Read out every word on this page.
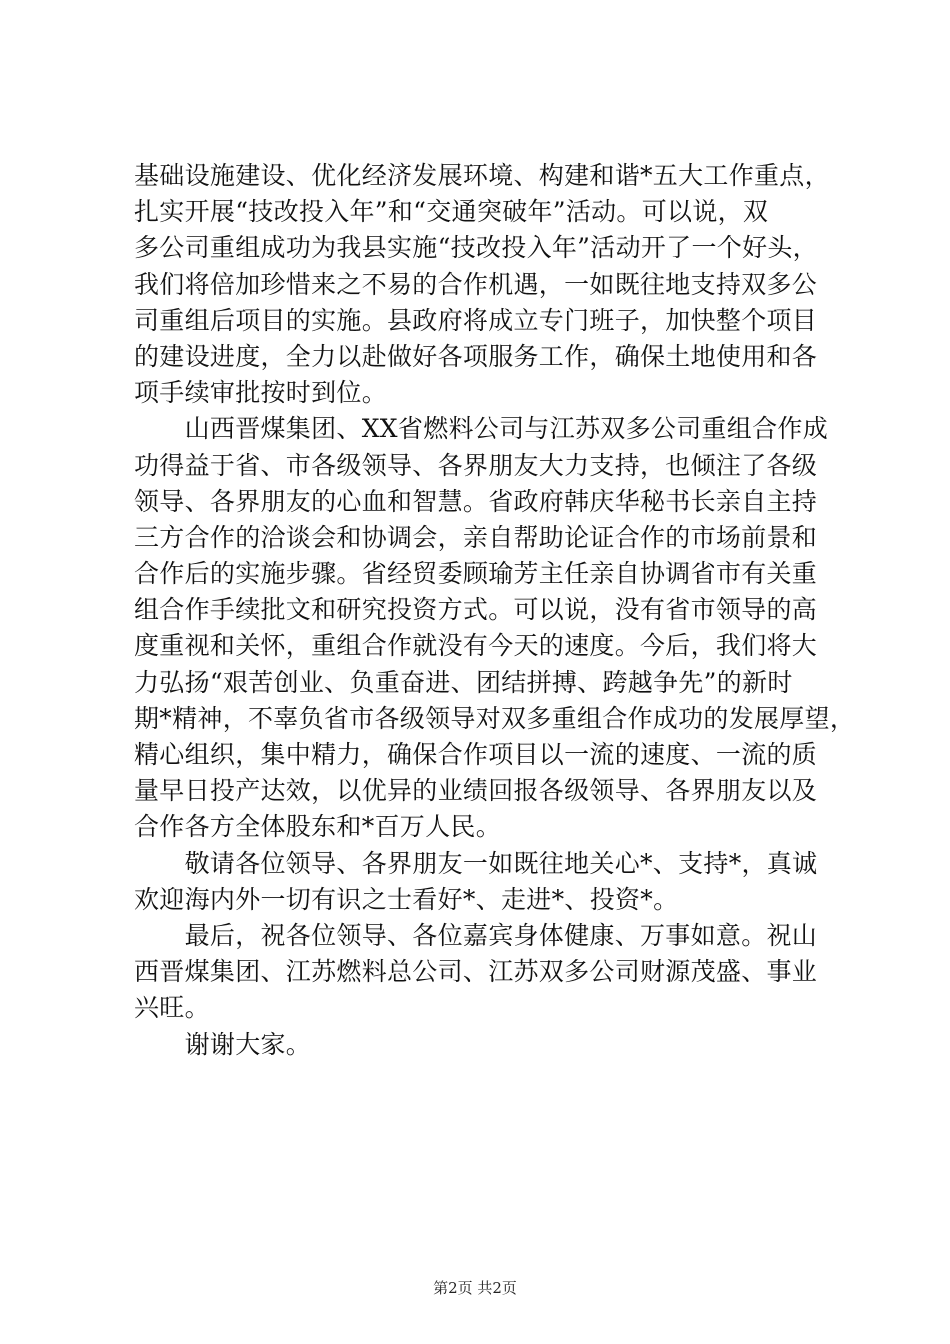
基础设施建设、优化经济发展环境、构建和谐*五大工作重点，
扎实开展“技改投入年”和“交通突破年”活动。可以说，双
多公司重组成功为我县实施“技改投入年”活动开了一个好头，
我们将倍加珍惜来之不易的合作机遇，一如既往地支持双多公
司重组后项目的实施。县政府将成立专门班子，加快整个项目
的建设进度，全力以赴做好各项服务工作，确保土地使用和各
项手续审批按时到位。
　　山西晋煤集团、XX省燃料公司与江苏双多公司重组合作成
功得益于省、市各级领导、各界朋友大力支持，也倾注了各级
领导、各界朋友的心血和智慧。省政府韩庆华秘书长亲自主持
三方合作的洽谈会和协调会，亲自帮助论证合作的市场前景和
合作后的实施步骤。省经贸委顾瑜芳主任亲自协调省市有关重
组合作手续批文和研究投资方式。可以说，没有省市领导的高
度重视和关怀，重组合作就没有今天的速度。今后，我们将大
力弘扬“艰苦创业、负重奋进、团结拼搏、跨越争先”的新时
期*精神，不辜负省市各级领导对双多重组合作成功的发展厚望，
精心组织，集中精力，确保合作项目以一流的速度、一流的质
量早日投产达效，以优异的业绩回报各级领导、各界朋友以及
合作各方全体股东和*百万人民。
　　敬请各位领导、各界朋友一如既往地关心*、支持*，真诚
欢迎海内外一切有识之士看好*、走进*、投资*。
　　最后，祝各位领导、各位嘉宾身体健康、万事如意。祝山
西晋煤集团、江苏燃料总公司、江苏双多公司财源茂盛、事业
兴旺。
　　谢谢大家。
第2页 共2页
